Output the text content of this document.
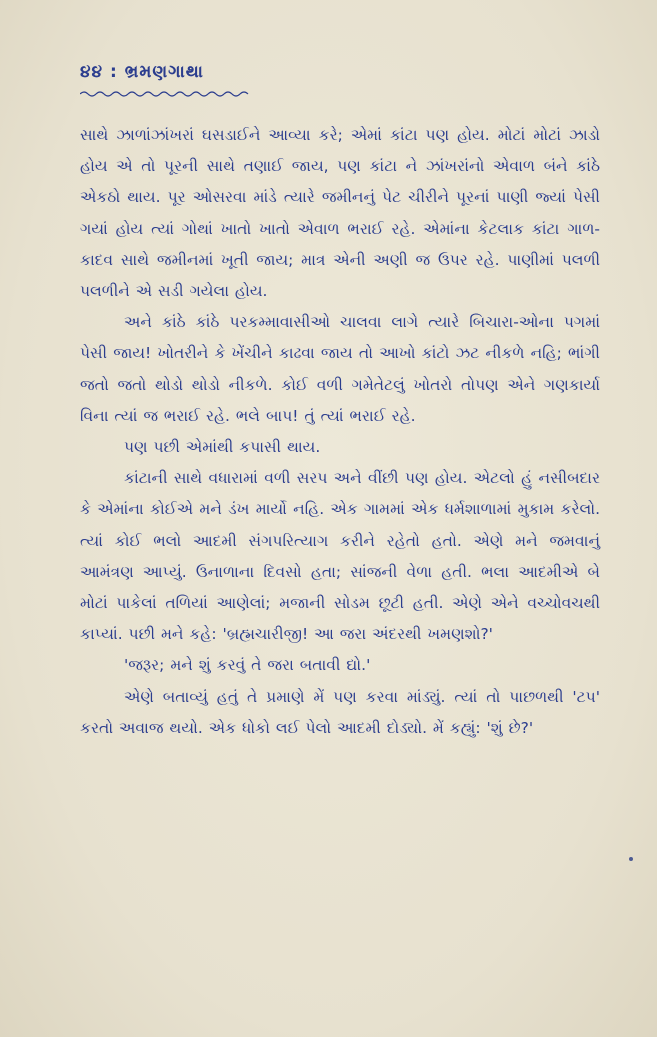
૪૪ : ભ્રમણગાથા

સાથે ઝાળાંઝાંખરાં ઘસડાઈને આવ્યા કરે; એમાં કાંટા પણ હોય. મોટાં મોટાં ઝાડો હોય એ તો પૂરની સાથે તણાઈ જાય, પણ કાંટા ને ઝાંખરાંનો એવાળ બંને કાંઠે એકઠો થાય. પૂર ઓસરવા માંડે ત્યારે જમીનનું પેટ ચીરીને પૂરનાં પાણી જ્યાં પેસી ગયાં હોય ત્યાં ગોથાં ખાતો ખાતો એવાળ ભરાઈ રહે. એમાંના કેટલાક કાંટા ગાળ-કાદવ સાથે જમીનમાં ખૂતી જાય; માત્ર એની અણી જ ઉપર રહે. પાણીમાં પલળી પલળીને એ સડી ગયેલા હોય.

અને કાંઠે કાંઠે પરકમ્માવાસીઓ ચાલવા લાગે ત્યારે બિચારા-ઓના પગમાં પેસી જાય! ખોતરીને કે ખેંચીને કાઢવા જાય તો આખો કાંટો ઝટ નીકળે નહિ; ભાંગી જતો જતો થોડો થોડો નીકળે. કોઈ વળી ગમેતેટલું ખોતરો તોપણ એને ગણકાર્યા વિના ત્યાં જ ભરાઈ રહે. ભલે બાપ! તું ત્યાં ભરાઈ રહે.

પણ પછી એમાંથી કપાસી થાય.

કાંટાની સાથે વધારામાં વળી સરપ અને વીંછી પણ હોય. એટલો હું નસીબદાર કે એમાંના કોઈએ મને ડંખ માર્યો નહિ. એક ગામમાં એક ધર્મશાળામાં મુકામ કરેલો. ત્યાં કોઈ ભલો આદમી સંગપરિત્યાગ કરીને રહેતો હતો. એણે મને જમવાનું આમંત્રણ આપ્યું. ઉનાળાના દિવસો હતા; સાંજની વેળા હતી. ભલા આદમીએ બે મોટાં પાકેલાં તળિયાં આણેલાં; મજાની સોડમ છૂટી હતી. એણે એને વચ્ચોવચથી કાપ્યાં. પછી મને કહે: 'બ્રહ્મચારીજી! આ જરા અંદરથી ખમણશો?'

'જરૂર; મને શું કરવું તે જરા બતાવી દ્યો.'

એણે બતાવ્યું હતું તે પ્રમાણે મેં પણ કરવા માંડ્યું. ત્યાં તો પાછળથી 'ટપ' કરતો અવાજ થયો. એક ધોકો લઈ પેલો આદમી દોડ્યો. મેં કહ્યું: 'શું છે?'
